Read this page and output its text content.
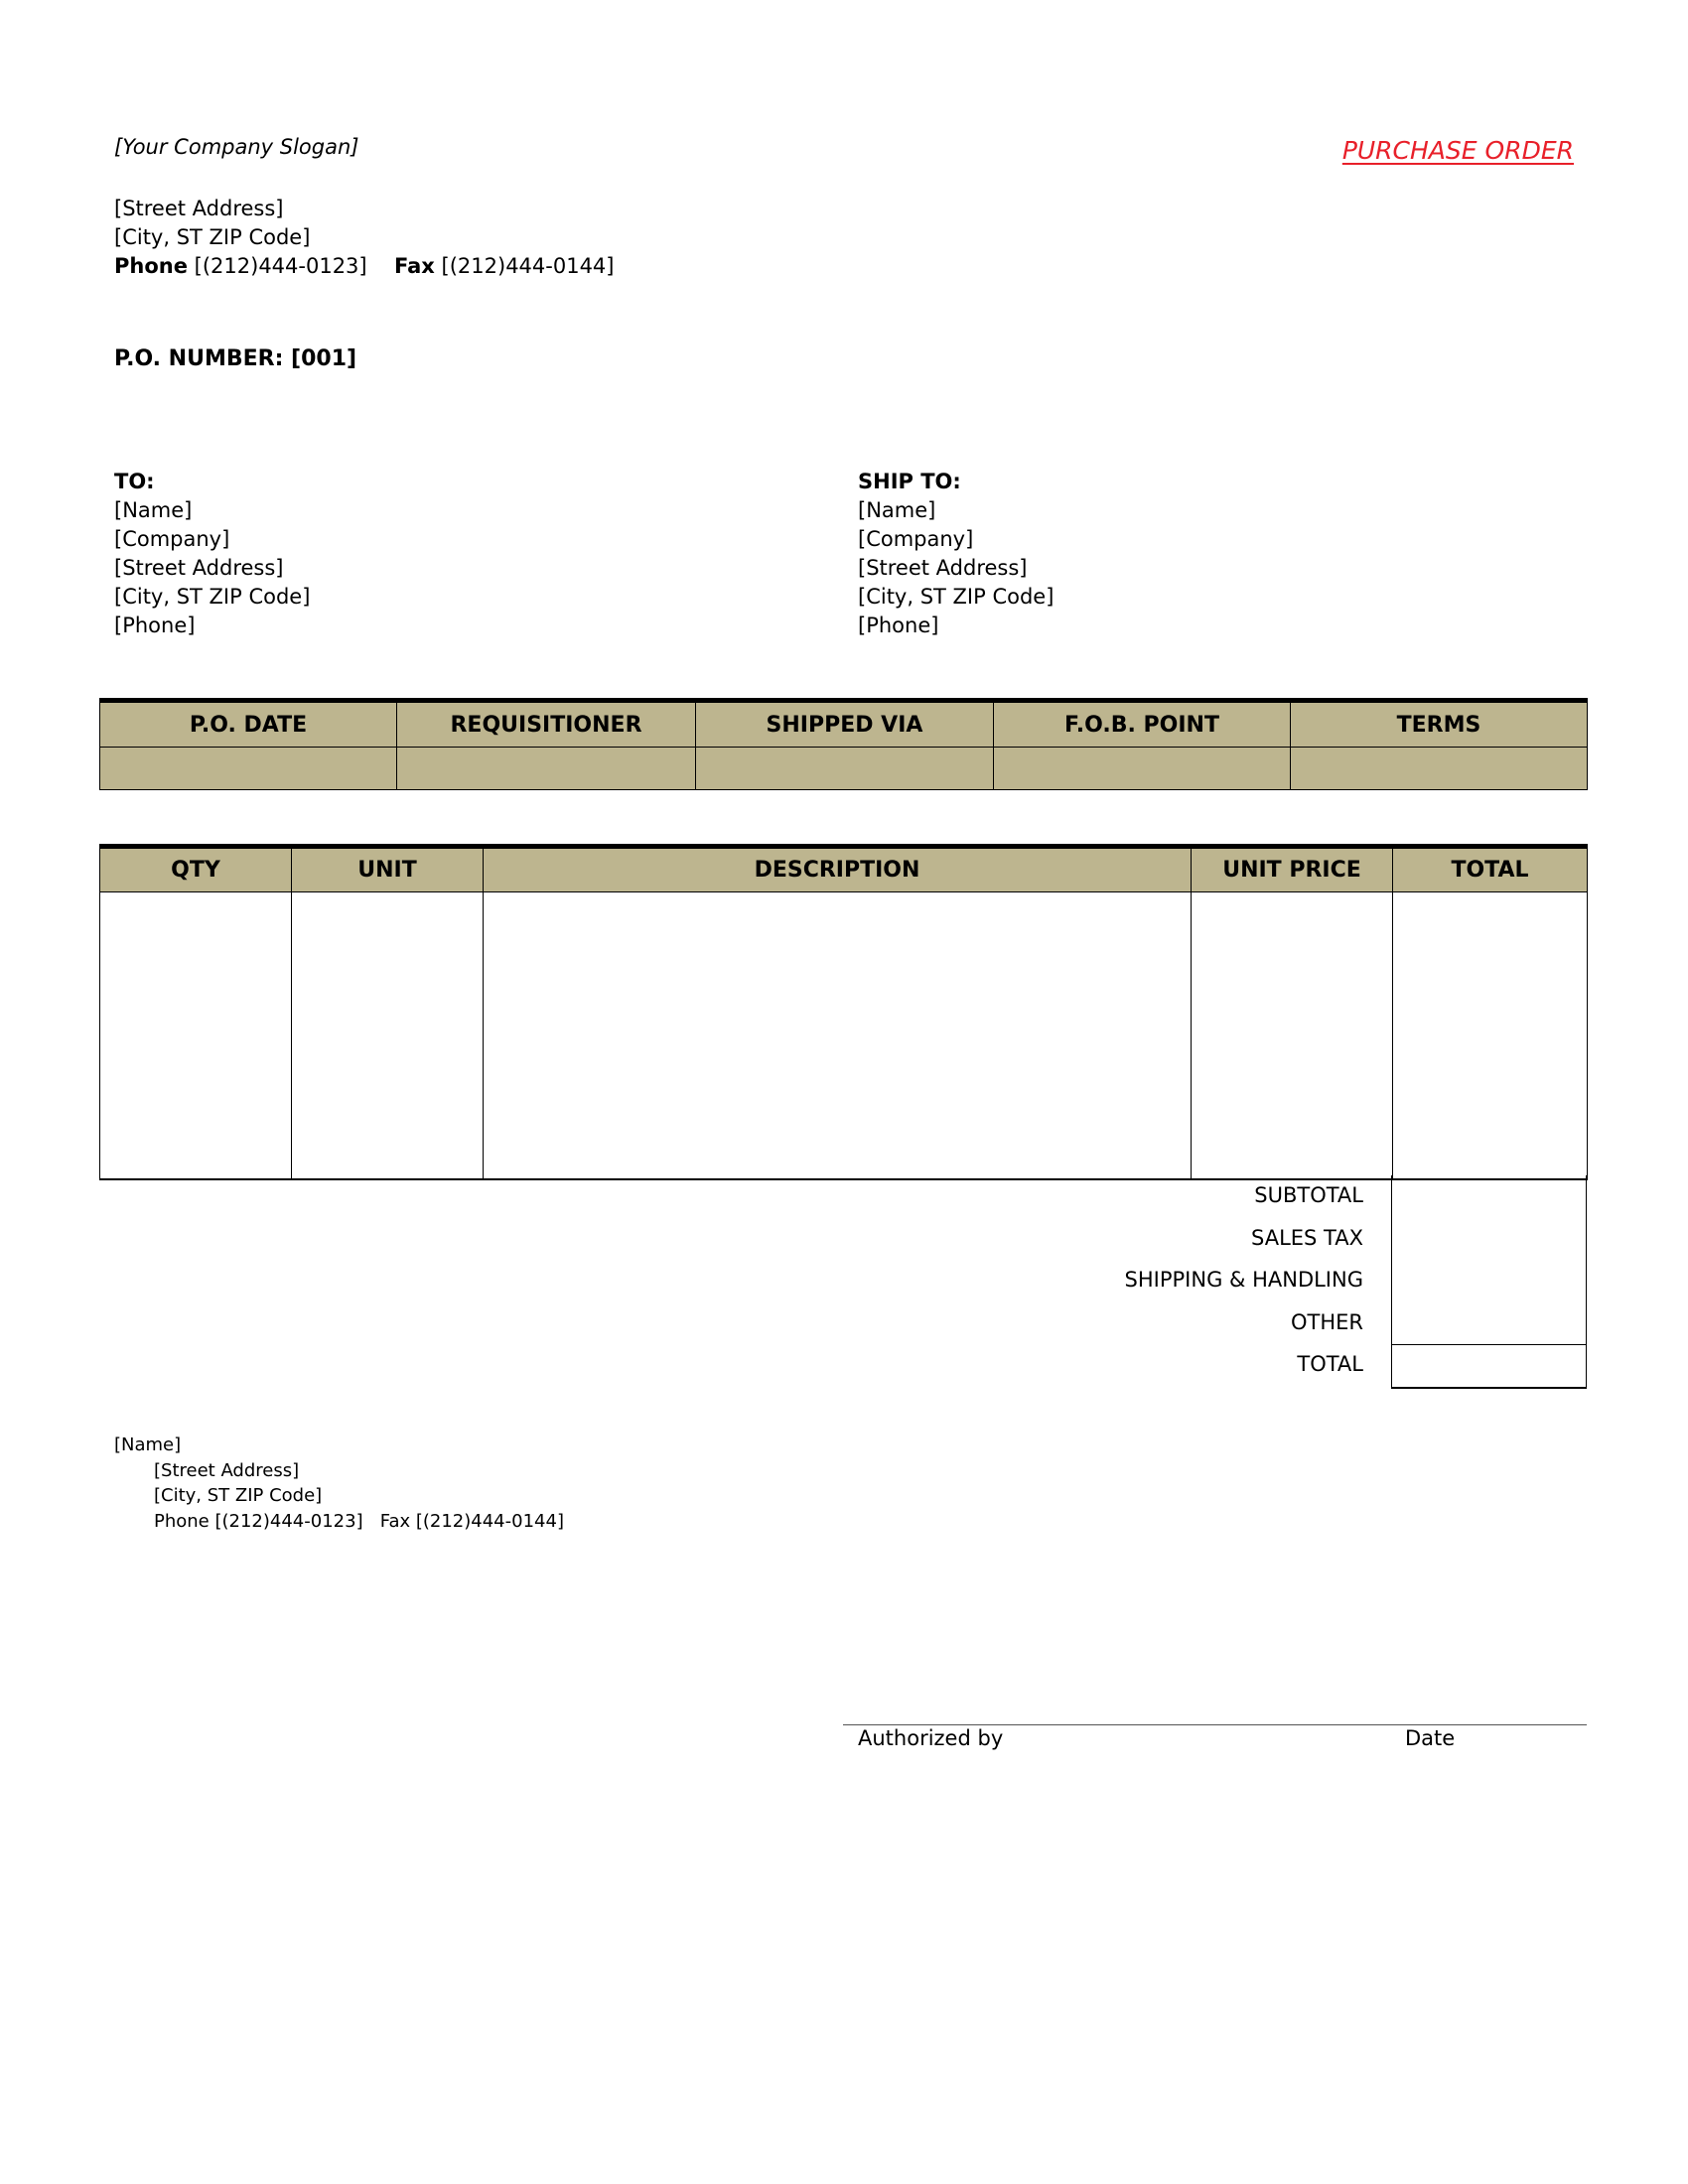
[Your Company Slogan]	PURCHASE ORDER
[Street Address]
[City, ST ZIP Code]
Phone [(212)444-0123] Fax [(212)444-0144]
P.O. NUMBER: [001]
TO:
[Name]
[Company]
[Street Address]
[City, ST ZIP Code]
[Phone]
SHIP TO:
[Name]
[Company]
[Street Address]
[City, ST ZIP Code]
[Phone]
P.O. DATE	REQUISITIONER	SHIPPED VIA	F.O.B. POINT	TERMS

QTY	UNIT	DESCRIPTION	UNIT PRICE	TOTAL

SUBTOTAL
SALES TAX
SHIPPING & HANDLING
OTHER
TOTAL
[Name]
[Street Address]
[City, ST ZIP Code]
Phone [(212)444-0123]   Fax [(212)444-0144]
Authorized by	Date
